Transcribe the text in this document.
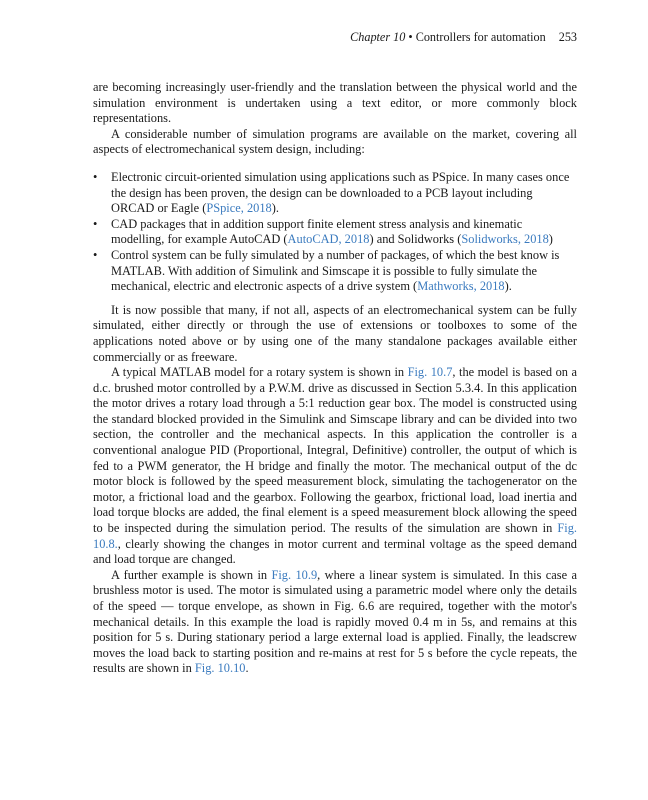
Chapter 10 • Controllers for automation 253

are becoming increasingly user-friendly and the translation between the physical world and the simulation environment is undertaken using a text editor, or more commonly block representations.

A considerable number of simulation programs are available on the market, covering all aspects of electromechanical system design, including:

• Electronic circuit-oriented simulation using applications such as PSpice. In many cases once the design has been proven, the design can be downloaded to a PCB layout including ORCAD or Eagle (PSpice, 2018).
• CAD packages that in addition support finite element stress analysis and kinematic modelling, for example AutoCAD (AutoCAD, 2018) and Solidworks (Solidworks, 2018)
• Control system can be fully simulated by a number of packages, of which the best know is MATLAB. With addition of Simulink and Simscape it is possible to fully simulate the mechanical, electric and electronic aspects of a drive system (Mathworks, 2018).

It is now possible that many, if not all, aspects of an electromechanical system can be fully simulated, either directly or through the use of extensions or toolboxes to some of the applications noted above or by using one of the many standalone packages available either commercially or as freeware.

A typical MATLAB model for a rotary system is shown in Fig. 10.7, the model is based on a d.c. brushed motor controlled by a P.W.M. drive as discussed in Section 5.3.4. In this application the motor drives a rotary load through a 5:1 reduction gear box. The model is constructed using the standard blocked provided in the Simulink and Simscape library and can be divided into two section, the controller and the mechanical aspects. In this application the controller is a conventional analogue PID (Proportional, Integral, Definitive) controller, the output of which is fed to a PWM generator, the H bridge and finally the motor. The mechanical output of the dc motor block is followed by the speed measurement block, simulating the tachogenerator on the motor, a frictional load and the gearbox. Following the gearbox, frictional load, load inertia and load torque blocks are added, the final element is a speed measurement block allowing the speed to be inspected during the simulation period. The results of the simulation are shown in Fig. 10.8., clearly showing the changes in motor current and terminal voltage as the speed demand and load torque are changed.

A further example is shown in Fig. 10.9, where a linear system is simulated. In this case a brushless motor is used. The motor is simulated using a parametric model where only the details of the speed — torque envelope, as shown in Fig. 6.6 are required, together with the motor's mechanical details. In this example the load is rapidly moved 0.4 m in 5s, and remains at this position for 5 s. During stationary period a large external load is applied. Finally, the leadscrew moves the load back to starting position and re-mains at rest for 5 s before the cycle repeats, the results are shown in Fig. 10.10.
